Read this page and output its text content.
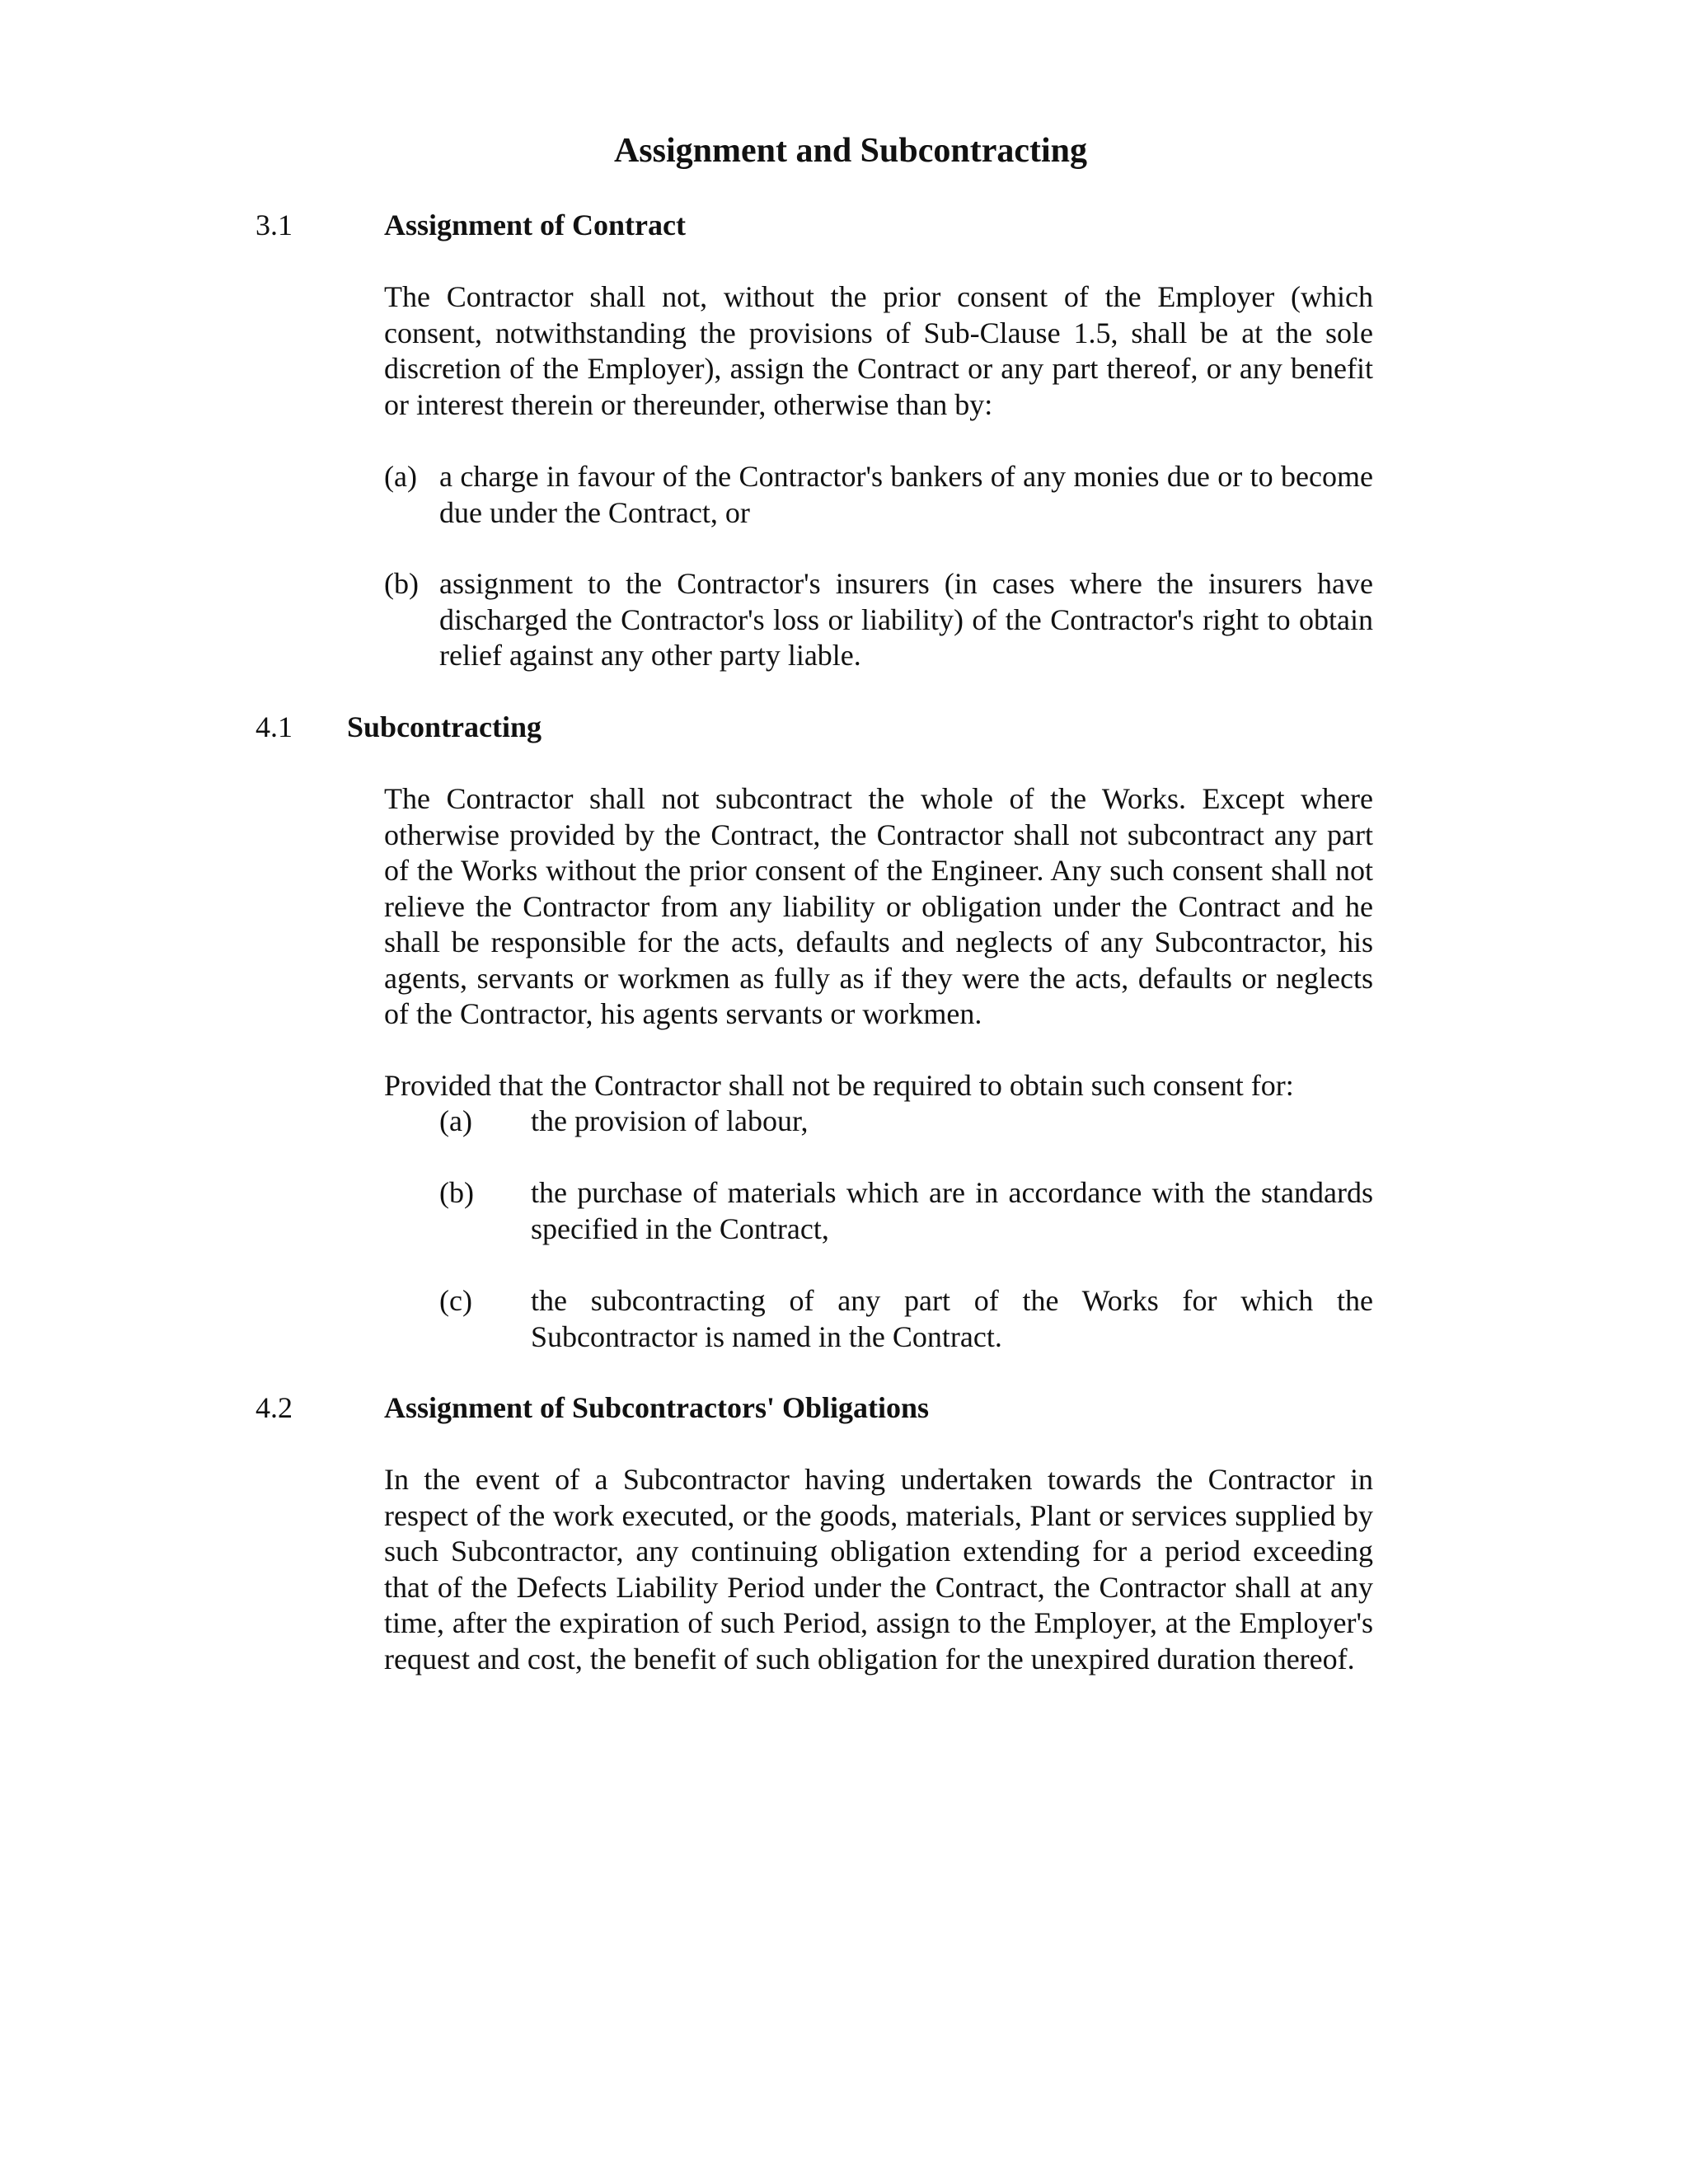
Assignment and Subcontracting
3.1	Assignment of Contract

The Contractor shall not, without the prior consent of the Employer (which consent, notwithstanding the provisions of Sub-Clause 1.5, shall be at the sole discretion of the Employer), assign the Contract or any part thereof, or any benefit or interest therein or thereunder, otherwise than by:

(a) a charge in favour of the Contractor's bankers of any monies due or to become due under the Contract, or
(b) assignment to the Contractor's insurers (in cases where the insurers have discharged the Contractor's loss or liability) of the Contractor's right to obtain relief against any other party liable.
4.1 Subcontracting

The Contractor shall not subcontract the whole of the Works. Except where otherwise provided by the Contract, the Contractor shall not subcontract any part of the Works without the prior consent of the Engineer. Any such consent shall not relieve the Contractor from any liability or obligation under the Contract and he shall be responsible for the acts, defaults and neglects of any Subcontractor, his agents, servants or workmen as fully as if they were the acts, defaults or neglects of the Contractor, his agents servants or workmen.

Provided that the Contractor shall not be required to obtain such consent for:

(a)	the provision of labour,
(b)	the purchase of materials which are in accordance with the standards specified in the Contract,
(c)	the subcontracting of any part of the Works for which the Subcontractor is named in the Contract.
4.2	Assignment of Subcontractors' Obligations

In the event of a Subcontractor having undertaken towards the Contractor in respect of the work executed, or the goods, materials, Plant or services supplied by such Subcontractor, any continuing obligation extending for a period exceeding that of the Defects Liability Period under the Contract, the Contractor shall at any time, after the expiration of such Period, assign to the Employer, at the Employer's request and cost, the benefit of such obligation for the unexpired duration thereof.
